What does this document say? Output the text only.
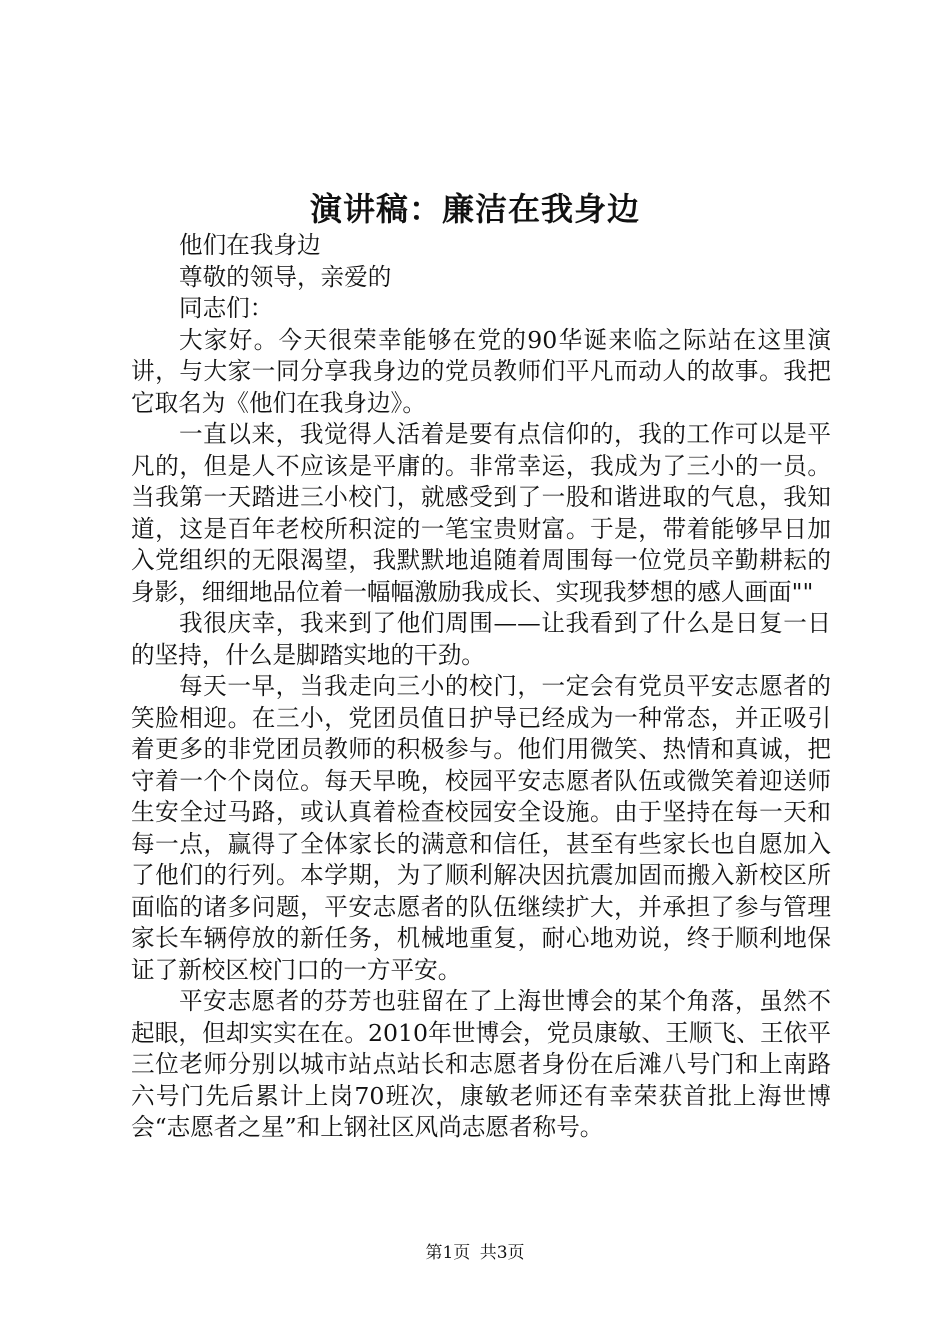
演讲稿：廉洁在我身边

他们在我身边

尊敬的领导，亲爱的

同志们：

大家好。今天很荣幸能够在党的90华诞来临之际站在这里演讲，与大家一同分享我身边的党员教师们平凡而动人的故事。我把它取名为《他们在我身边》。

一直以来，我觉得人活着是要有点信仰的，我的工作可以是平凡的，但是人不应该是平庸的。非常幸运，我成为了三小的一员。当我第一天踏进三小校门，就感受到了一股和谐进取的气息，我知道，这是百年老校所积淀的一笔宝贵财富。于是，带着能够早日加入党组织的无限渴望，我默默地追随着周围每一位党员辛勤耕耘的身影，细细地品位着一幅幅激励我成长、实现我梦想的感人画面""

我很庆幸，我来到了他们周围——让我看到了什么是日复一日的坚持，什么是脚踏实地的干劲。

每天一早，当我走向三小的校门，一定会有党员平安志愿者的笑脸相迎。在三小，党团员值日护导已经成为一种常态，并正吸引着更多的非党团员教师的积极参与。他们用微笑、热情和真诚，把守着一个个岗位。每天早晚，校园平安志愿者队伍或微笑着迎送师生安全过马路，或认真着检查校园安全设施。由于坚持在每一天和每一点，赢得了全体家长的满意和信任，甚至有些家长也自愿加入了他们的行列。本学期，为了顺利解决因抗震加固而搬入新校区所面临的诸多问题，平安志愿者的队伍继续扩大，并承担了参与管理家长车辆停放的新任务，机械地重复，耐心地劝说，终于顺利地保证了新校区校门口的一方平安。

平安志愿者的芬芳也驻留在了上海世博会的某个角落，虽然不起眼，但却实实在在。2010年世博会，党员康敏、王顺飞、王依平三位老师分别以城市站点站长和志愿者身份在后滩八号门和上南路六号门先后累计上岗70班次，康敏老师还有幸荣获首批上海世博会“志愿者之星”和上钢社区风尚志愿者称号。

第1页 共3页
